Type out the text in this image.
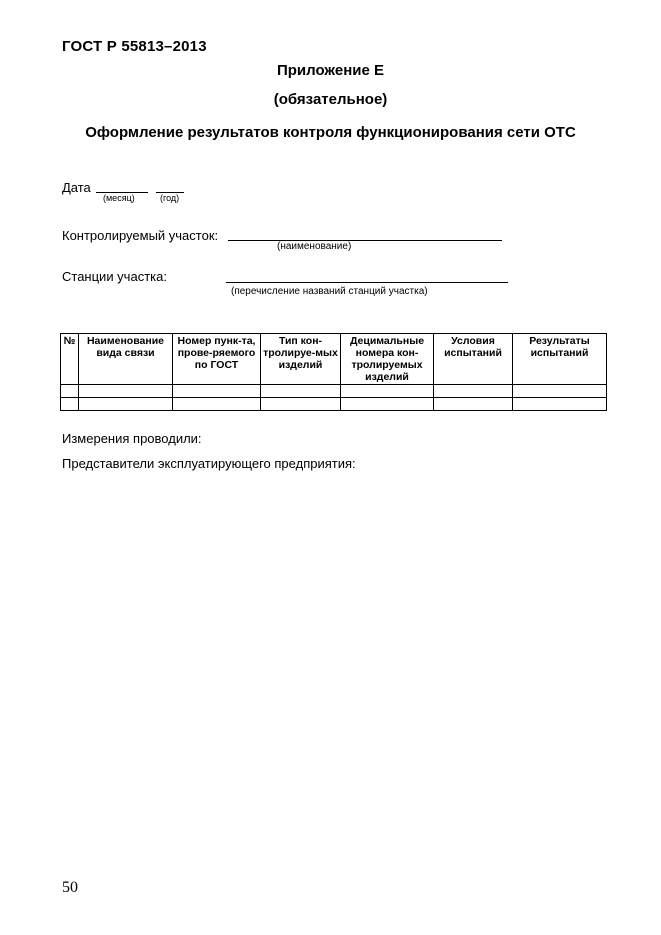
ГОСТ Р 55813–2013
Приложение Е
(обязательное)
Оформление результатов контроля функционирования сети ОТС
Дата
(месяц)	(год)
Контролируемый участок:
(наименование)
Станции участка:
(перечисление названий станций участка)
№	Наименование вида связи	Номер пунк-та, прове-ряемого по ГОСТ	Тип кон-тролируе-мых изделий	Децимальные номера кон-тролируемых изделий	Условия испытаний	Результаты испытаний

Измерения проводили:
Представители эксплуатирующего предприятия:
50
